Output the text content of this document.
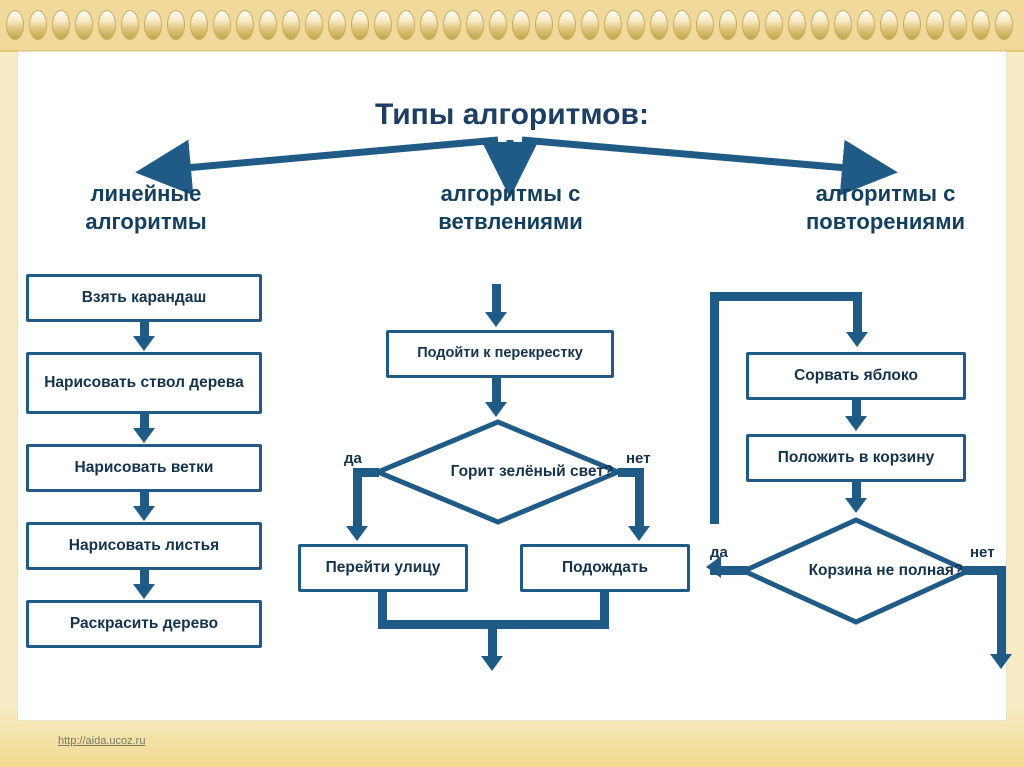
Типы алгоритмов:
линейные
алгоритмы
алгоритмы с
ветвлениями
алгоритмы с
повторениями
Взять карандаш
Нарисовать ствол дерева
Нарисовать ветки
Нарисовать листья
Раскрасить дерево
Подойти к перекрестку
Горит зелёный свет?
да	нет
Перейти улицу	Подождать
Сорвать яблоко
Положить в корзину
Корзина не полная?
да	нет
http://aida.ucoz.ru
